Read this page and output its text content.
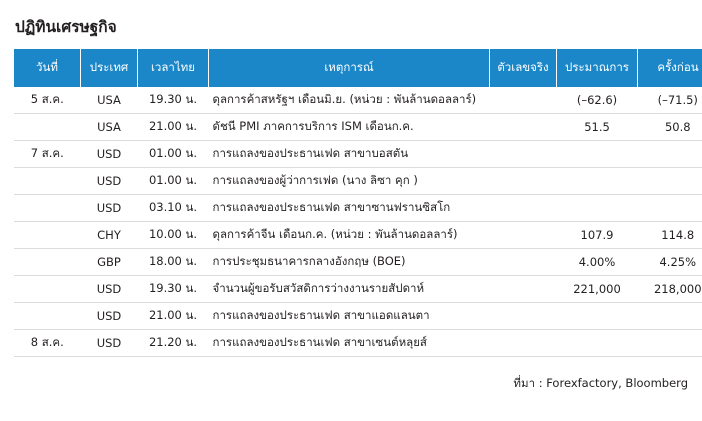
ปฏิทินเศรษฐกิจ
วันที่	ประเทศ	เวลาไทย	เหตุการณ์	ตัวเลขจริง	ประมาณการ	ครั้งก่อน
5 ส.ค.	USA	19.30 น.	ดุลการค้าสหรัฐฯ เดือนมิ.ย. (หน่วย : พันล้านดอลลาร์)		(–62.6)	(–71.5)
	USA	21.00 น.	ดัชนี PMI ภาคการบริการ ISM เดือนก.ค.		51.5	50.8
7 ส.ค.	USD	01.00 น.	การแถลงของประธานเฟด สาขาบอสตัน			
	USD	01.00 น.	การแถลงของผู้ว่าการเฟด (นาง ลิซา คุก )			
	USD	03.10 น.	การแถลงของประธานเฟด สาขาซานฟรานซิสโก			
	CHY	10.00 น.	ดุลการค้าจีน เดือนก.ค. (หน่วย : พันล้านดอลลาร์)		107.9	114.8
	GBP	18.00 น.	การประชุมธนาคารกลางอังกฤษ (BOE)		4.00%	4.25%
	USD	19.30 น.	จำนวนผู้ขอรับสวัสดิการว่างงานรายสัปดาห์		221,000	218,000
	USD	21.00 น.	การแถลงของประธานเฟด สาขาแอดแลนตา			
8 ส.ค.	USD	21.20 น.	การแถลงของประธานเฟด สาขาเซนต์หลุยส์			
ที่มา : Forexfactory, Bloomberg
